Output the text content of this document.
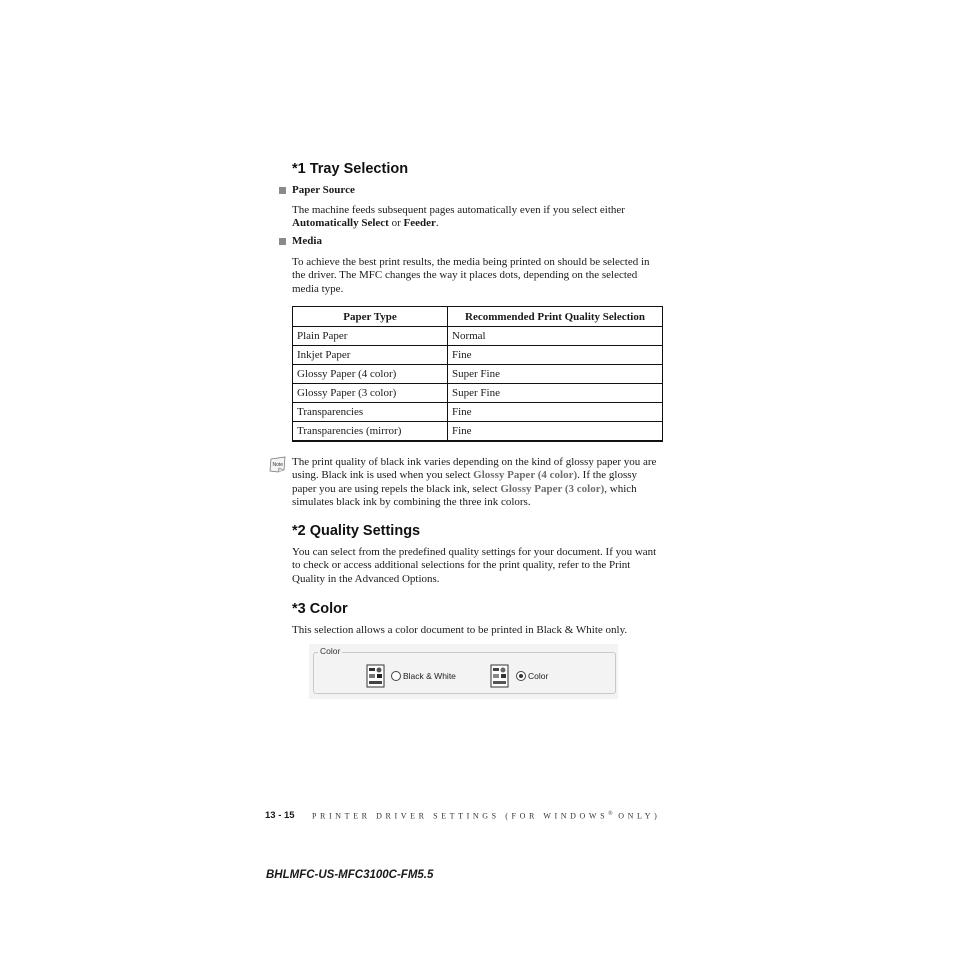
*1 Tray Selection
Paper Source
The machine feeds subsequent pages automatically even if you select either Automatically Select or Feeder.
Media
To achieve the best print results, the media being printed on should be selected in the driver. The MFC changes the way it places dots, depending on the selected media type.
Paper Type	Recommended Print Quality Selection
Plain Paper	Normal
Inkjet Paper	Fine
Glossy Paper (4 color)	Super Fine
Glossy Paper (3 color)	Super Fine
Transparencies	Fine
Transparencies (mirror)	Fine
Note The print quality of black ink varies depending on the kind of glossy paper you are using. Black ink is used when you select Glossy Paper (4 color). If the glossy paper you are using repels the black ink, select Glossy Paper (3 color), which simulates black ink by combining the three ink colors.
*2 Quality Settings
You can select from the predefined quality settings for your document. If you want to check or access additional selections for the print quality, refer to the Print Quality in the Advanced Options.
*3 Color
This selection allows a color document to be printed in Black & White only.
Color
Black & White	Color
13 - 15 PRINTER DRIVER SETTINGS (FOR WINDOWS® ONLY)
BHLMFC-US-MFC3100C-FM5.5
